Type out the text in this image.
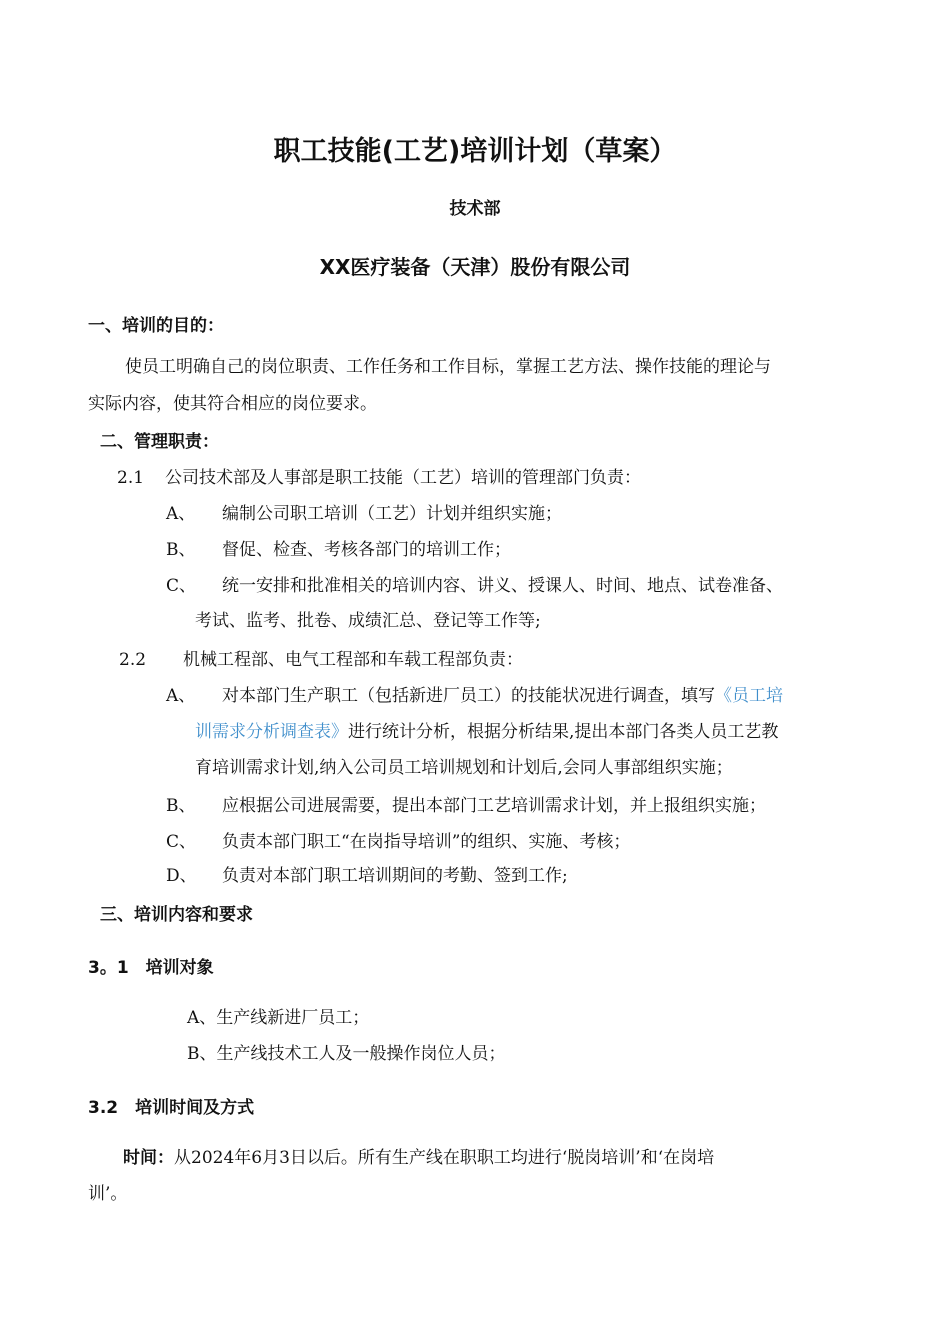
职工技能(工艺)培训计划（草案）
技术部
XX医疗装备（天津）股份有限公司
一、培训的目的：
使员工明确自己的岗位职责、工作任务和工作目标，掌握工艺方法、操作技能的理论与
实际内容，使其符合相应的岗位要求。
二、管理职责：
2.1 公司技术部及人事部是职工技能（工艺）培训的管理部门负责：
A、 编制公司职工培训（工艺）计划并组织实施；
B、 督促、检查、考核各部门的培训工作；
C、 统一安排和批准相关的培训内容、讲义、授课人、时间、地点、试卷准备、
考试、监考、批卷、成绩汇总、登记等工作等;
2.2 机械工程部、电气工程部和车载工程部负责：
A、 对本部门生产职工（包括新进厂员工）的技能状况进行调查，填写《员工培
训需求分析调查表》进行统计分析，根据分析结果,提出本部门各类人员工艺教
育培训需求计划,纳入公司员工培训规划和计划后,会同人事部组织实施；
B、 应根据公司进展需要，提出本部门工艺培训需求计划，并上报组织实施；
C、 负责本部门职工“在岗指导培训”的组织、实施、考核；
D、 负责对本部门职工培训期间的考勤、签到工作;
三、培训内容和要求
3。1　培训对象
A、生产线新进厂员工；
B、生产线技术工人及一般操作岗位人员；
3.2　培训时间及方式
时间：从2024年6月3日以后。所有生产线在职职工均进行‘脱岗培训’和‘在岗培
训’。
